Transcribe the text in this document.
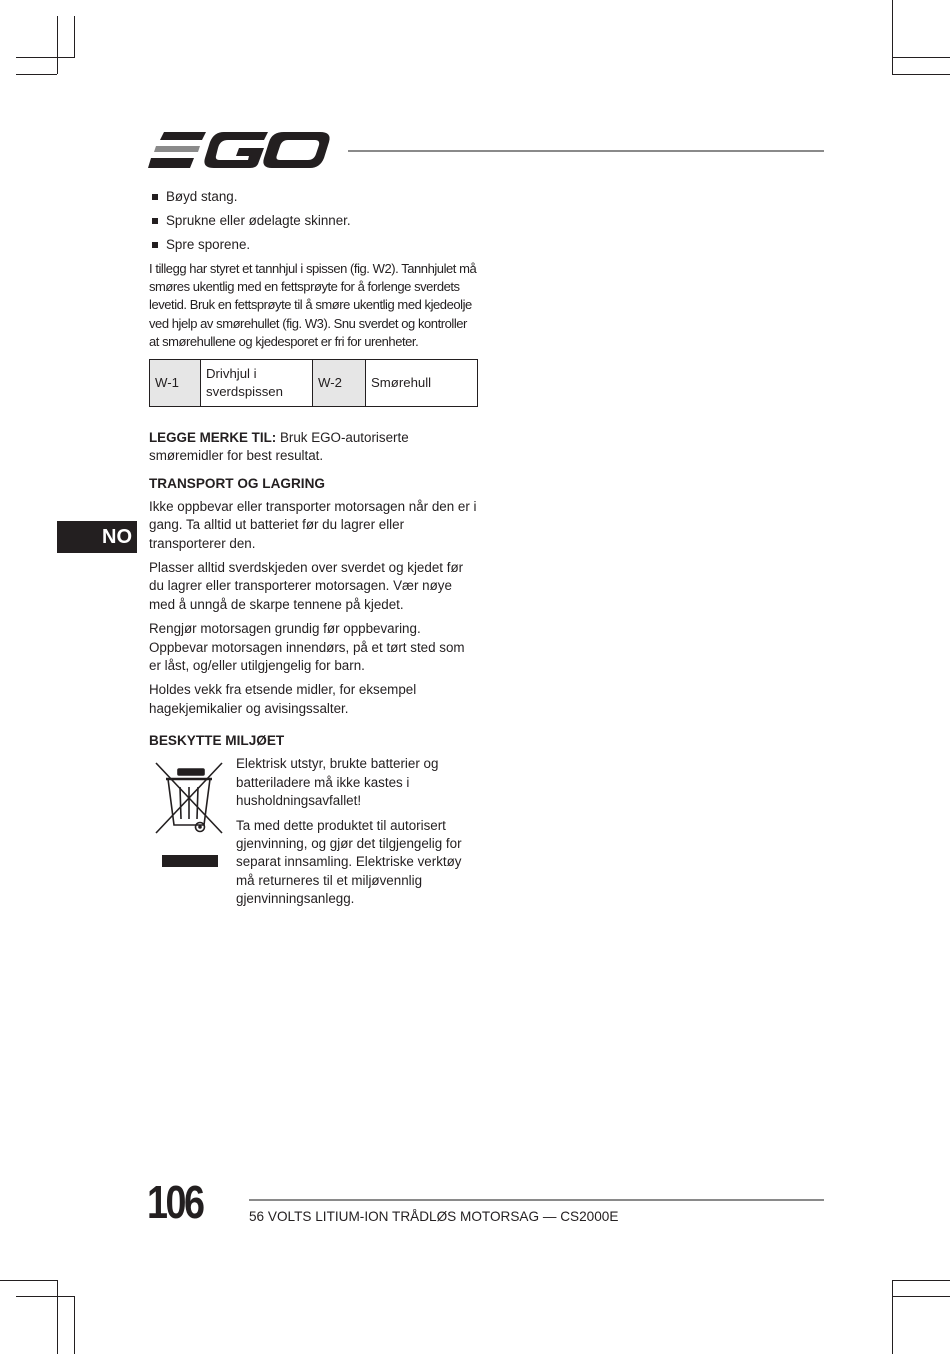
NO
Bøyd stang.
Sprukne eller ødelagte skinner.
Spre sporene.

I tillegg har styret et tannhjul i spissen (fig. W2). Tannhjulet må smøres ukentlig med en fettsprøyte for å forlenge sverdets levetid. Bruk en fettsprøyte til å smøre ukentlig med kjedeolje ved hjelp av smørehullet (fig. W3). Snu sverdet og kontroller at smørehullene og kjedesporet er fri for urenheter.

W-1	Drivhjul i sverdspissen	W-2	Smørehull

LEGGE MERKE TIL: Bruk EGO-autoriserte smøremidler for best resultat.

TRANSPORT OG LAGRING

Ikke oppbevar eller transporter motorsagen når den er i gang. Ta alltid ut batteriet før du lagrer eller transporterer den.

Plasser alltid sverdskjeden over sverdet og kjedet før du lagrer eller transporterer motorsagen. Vær nøye med å unngå de skarpe tennene på kjedet.

Rengjør motorsagen grundig før oppbevaring. Oppbevar motorsagen innendørs, på et tørt sted som er låst, og/eller utilgjengelig for barn.

Holdes vekk fra etsende midler, for eksempel hagekjemikalier og avisingssalter.

BESKYTTE MILJØET

Elektrisk utstyr, brukte batterier og batteriladere må ikke kastes i husholdningsavfallet!

Ta med dette produktet til autorisert gjenvinning, og gjør det tilgjengelig for separat innsamling. Elektriske verktøy må returneres til et miljøvennlig gjenvinningsanlegg.

106	56 VOLTS LITIUM-ION TRÅDLØS MOTORSAG — CS2000E
